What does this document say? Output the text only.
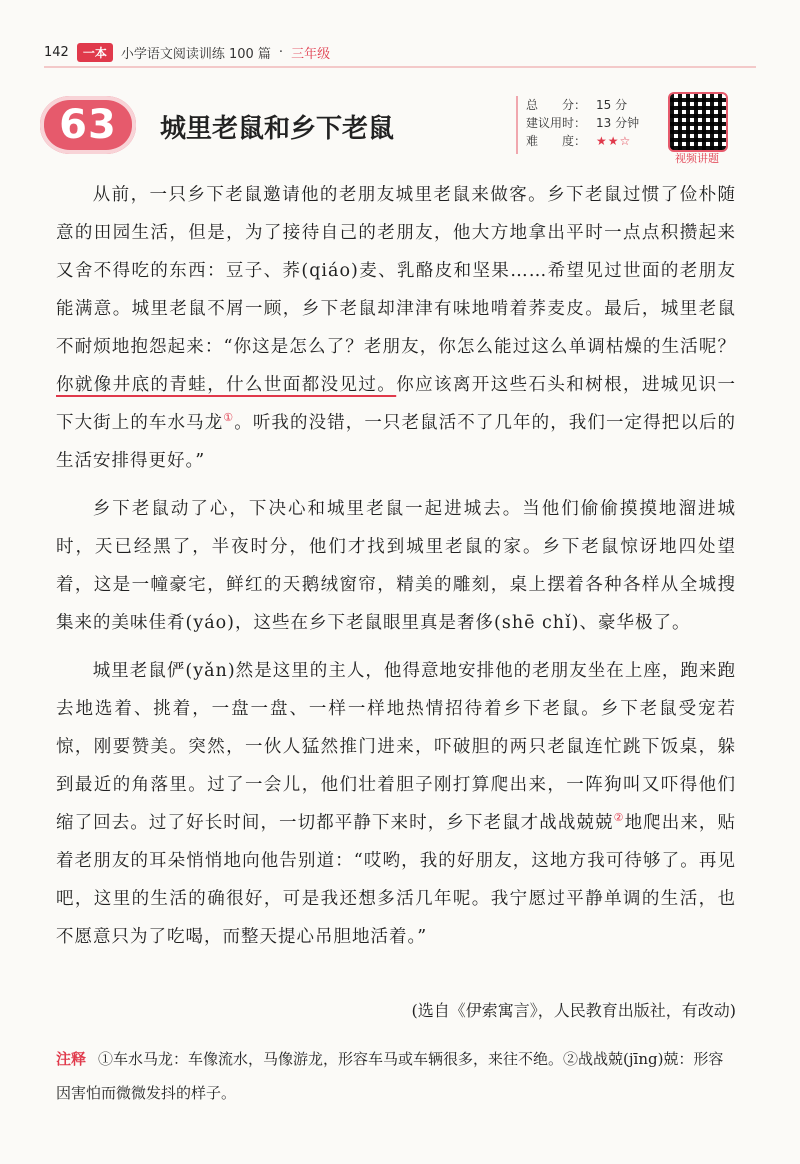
142	一本	小学语文阅读训练 100 篇 · 三年级
63 城里老鼠和乡下老鼠
总　　分： 15 分
建议用时： 13 分钟
难　　度： ★★☆
视频讲题

从前，一只乡下老鼠邀请他的老朋友城里老鼠来做客。乡下老鼠过惯了俭朴随意的田园生活，但是，为了接待自己的老朋友，他大方地拿出平时一点点积攒起来又舍不得吃的东西：豆子、荞(qiáo)麦、乳酪皮和坚果……希望见过世面的老朋友能满意。城里老鼠不屑一顾，乡下老鼠却津津有味地啃着荞麦皮。最后，城里老鼠不耐烦地抱怨起来：“你这是怎么了？老朋友，你怎么能过这么单调枯燥的生活呢？你就像井底的青蛙，什么世面都没见过。你应该离开这些石头和树根，进城见识一下大街上的车水马龙①。听我的没错，一只老鼠活不了几年的，我们一定得把以后的生活安排得更好。”

乡下老鼠动了心，下决心和城里老鼠一起进城去。当他们偷偷摸摸地溜进城时，天已经黑了，半夜时分，他们才找到城里老鼠的家。乡下老鼠惊讶地四处望着，这是一幢豪宅，鲜红的天鹅绒窗帘，精美的雕刻，桌上摆着各种各样从全城搜集来的美味佳肴(yáo)，这些在乡下老鼠眼里真是奢侈(shē chǐ)、豪华极了。

城里老鼠俨(yǎn)然是这里的主人，他得意地安排他的老朋友坐在上座，跑来跑去地选着、挑着，一盘一盘、一样一样地热情招待着乡下老鼠。乡下老鼠受宠若惊，刚要赞美。突然，一伙人猛然推门进来，吓破胆的两只老鼠连忙跳下饭桌，躲到最近的角落里。过了一会儿，他们壮着胆子刚打算爬出来，一阵狗叫又吓得他们缩了回去。过了好长时间，一切都平静下来时，乡下老鼠才战战兢兢②地爬出来，贴着老朋友的耳朵悄悄地向他告别道：“哎哟，我的好朋友，这地方我可待够了。再见吧，这里的生活的确很好，可是我还想多活几年呢。我宁愿过平静单调的生活，也不愿意只为了吃喝，而整天提心吊胆地活着。”

(选自《伊索寓言》，人民教育出版社，有改动)
注释 ①车水马龙：车像流水，马像游龙，形容车马或车辆很多，来往不绝。②战战兢(jīng)兢：形容因害怕而微微发抖的样子。
